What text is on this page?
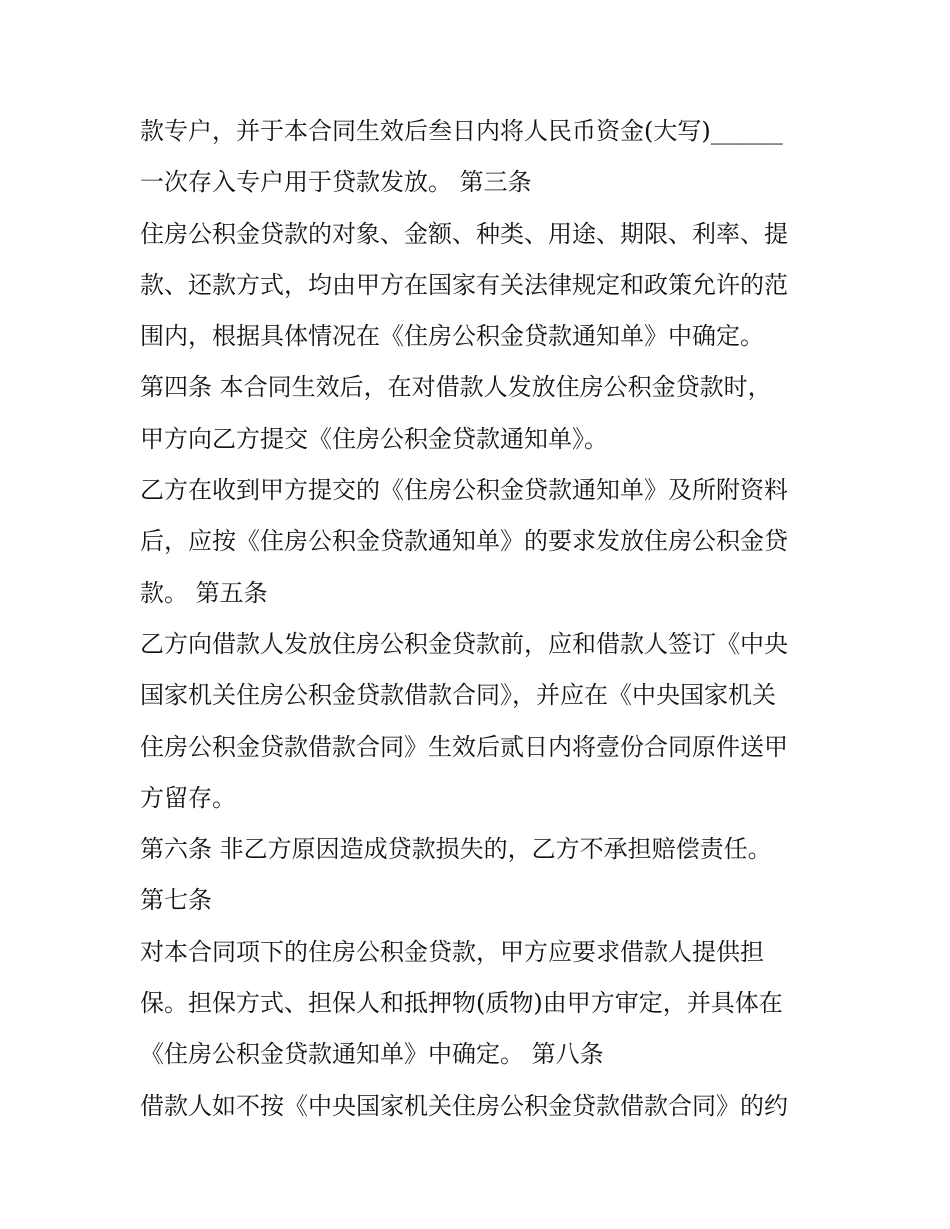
款专户，并于本合同生效后叁日内将人民币资金(大写)______
一次存入专户用于贷款发放。 第三条
住房公积金贷款的对象、金额、种类、用途、期限、利率、提
款、还款方式，均由甲方在国家有关法律规定和政策允许的范
围内，根据具体情况在《住房公积金贷款通知单》中确定。
第四条 本合同生效后，在对借款人发放住房公积金贷款时，
甲方向乙方提交《住房公积金贷款通知单》。
乙方在收到甲方提交的《住房公积金贷款通知单》及所附资料
后，应按《住房公积金贷款通知单》的要求发放住房公积金贷
款。 第五条
乙方向借款人发放住房公积金贷款前，应和借款人签订《中央
国家机关住房公积金贷款借款合同》，并应在《中央国家机关
住房公积金贷款借款合同》生效后贰日内将壹份合同原件送甲
方留存。
第六条 非乙方原因造成贷款损失的，乙方不承担赔偿责任。
第七条
对本合同项下的住房公积金贷款，甲方应要求借款人提供担
保。担保方式、担保人和抵押物(质物)由甲方审定，并具体在
《住房公积金贷款通知单》中确定。 第八条
借款人如不按《中央国家机关住房公积金贷款借款合同》的约
